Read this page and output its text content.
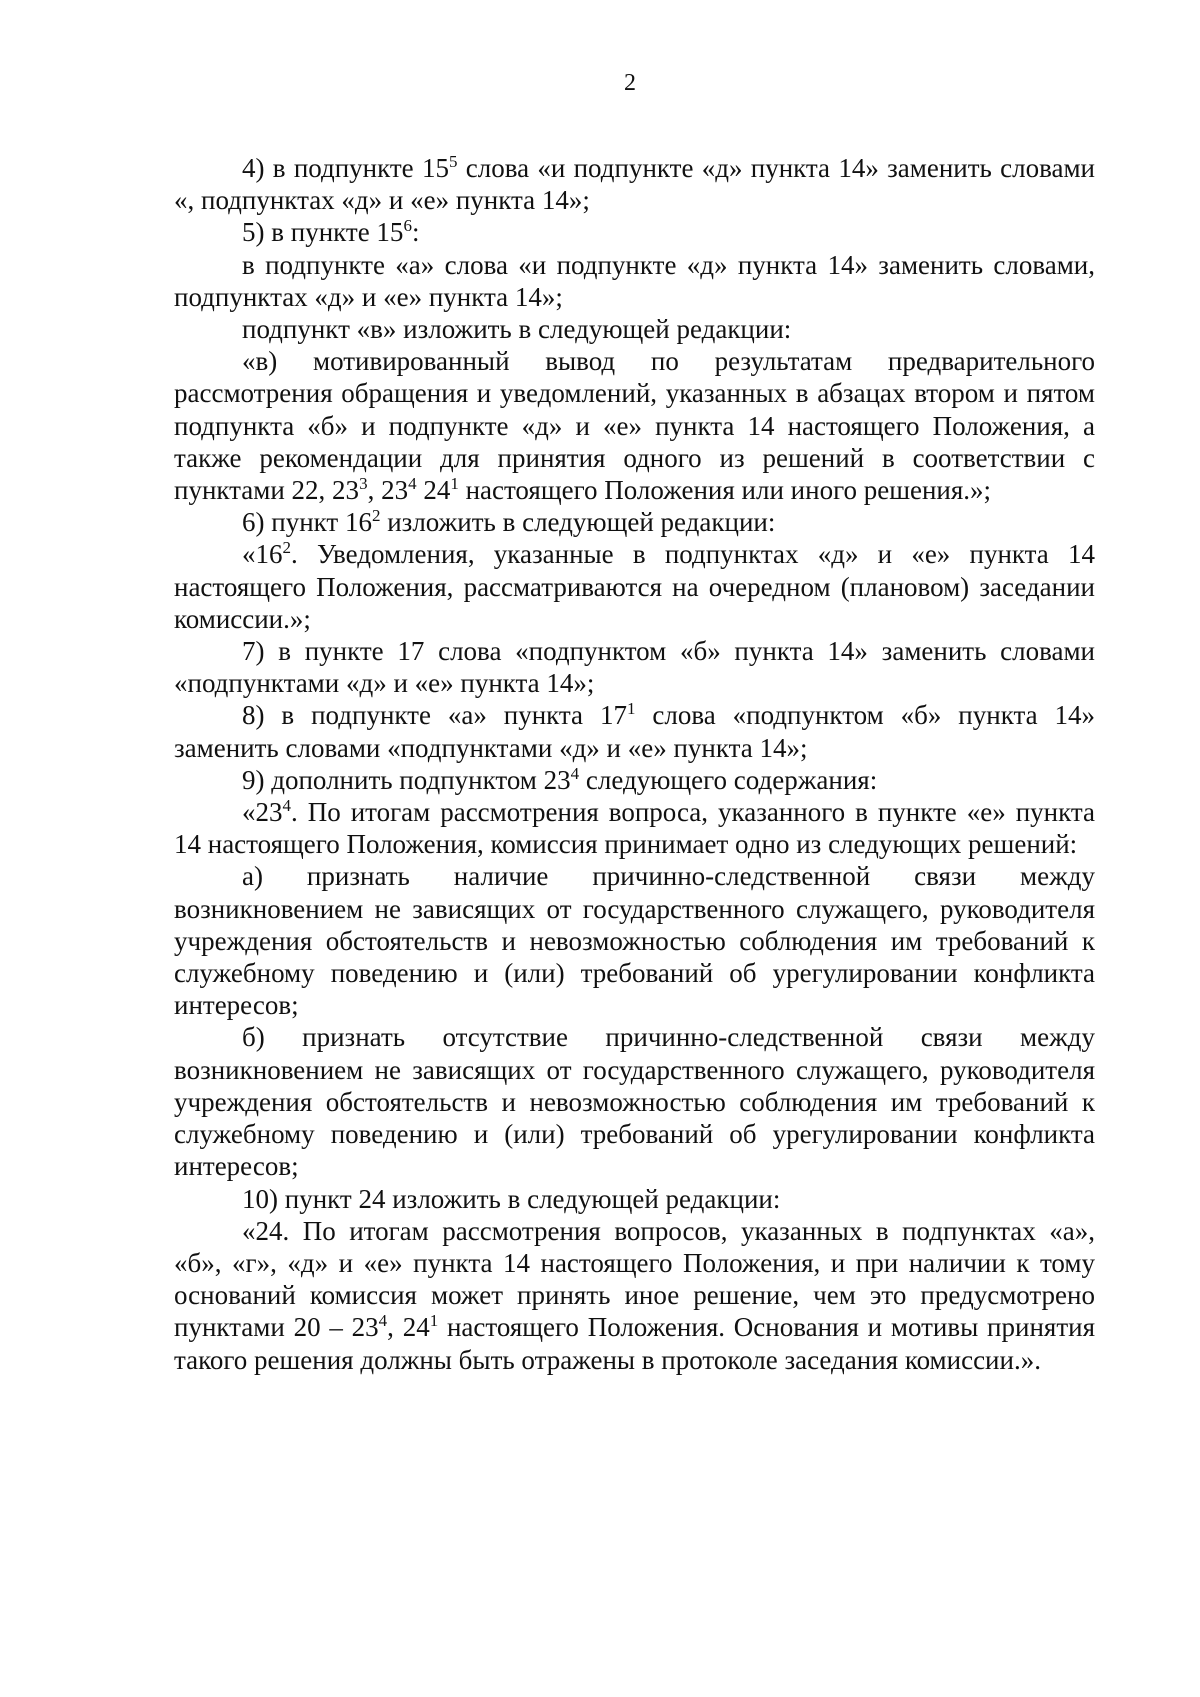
2

4) в подпункте $15^5$ слова «и подпункте «д» пункта 14» заменить словами «, подпунктах «д» и «е» пункта 14»;

5) в пункте $15^6$:

в подпункте «а» слова «и подпункте «д» пункта 14» заменить словами, подпунктах «д» и «е» пункта 14»;

подпункт «в» изложить в следующей редакции:

«в) мотивированный вывод по результатам предварительного рассмотрения обращения и уведомлений, указанных в абзацах втором и пятом подпункта «б» и подпункте «д» и «е» пункта 14 настоящего Положения, а также рекомендации для принятия одного из решений в соответствии с пунктами 22, $23^3$, $23^4$ $24^1$ настоящего Положения или иного решения.»;

6) пункт $16^2$ изложить в следующей редакции:

«$16^2$. Уведомления, указанные в подпунктах «д» и «е» пункта 14 настоящего Положения, рассматриваются на очередном (плановом) заседании комиссии.»;

7) в пункте 17 слова «подпунктом «б» пункта 14» заменить словами «подпунктами «д» и «е» пункта 14»;

8) в подпункте «а» пункта $17^1$ слова «подпунктом «б» пункта 14» заменить словами «подпунктами «д» и «е» пункта 14»;

9) дополнить подпунктом $23^4$ следующего содержания:

«$23^4$. По итогам рассмотрения вопроса, указанного в пункте «е» пункта 14 настоящего Положения, комиссия принимает одно из следующих решений:

а) признать наличие причинно-следственной связи между возникновением не зависящих от государственного служащего, руководителя учреждения обстоятельств и невозможностью соблюдения им требований к служебному поведению и (или) требований об урегулировании конфликта интересов;

б) признать отсутствие причинно-следственной связи между возникновением не зависящих от государственного служащего, руководителя учреждения обстоятельств и невозможностью соблюдения им требований к служебному поведению и (или) требований об урегулировании конфликта интересов;

10) пункт 24 изложить в следующей редакции:

«24. По итогам рассмотрения вопросов, указанных в подпунктах «а», «б», «г», «д» и «е» пункта 14 настоящего Положения, и при наличии к тому оснований комиссия может принять иное решение, чем это предусмотрено пунктами $20 - 23^4$, $24^1$ настоящего Положения. Основания и мотивы принятия такого решения должны быть отражены в протоколе заседания комиссии.».
